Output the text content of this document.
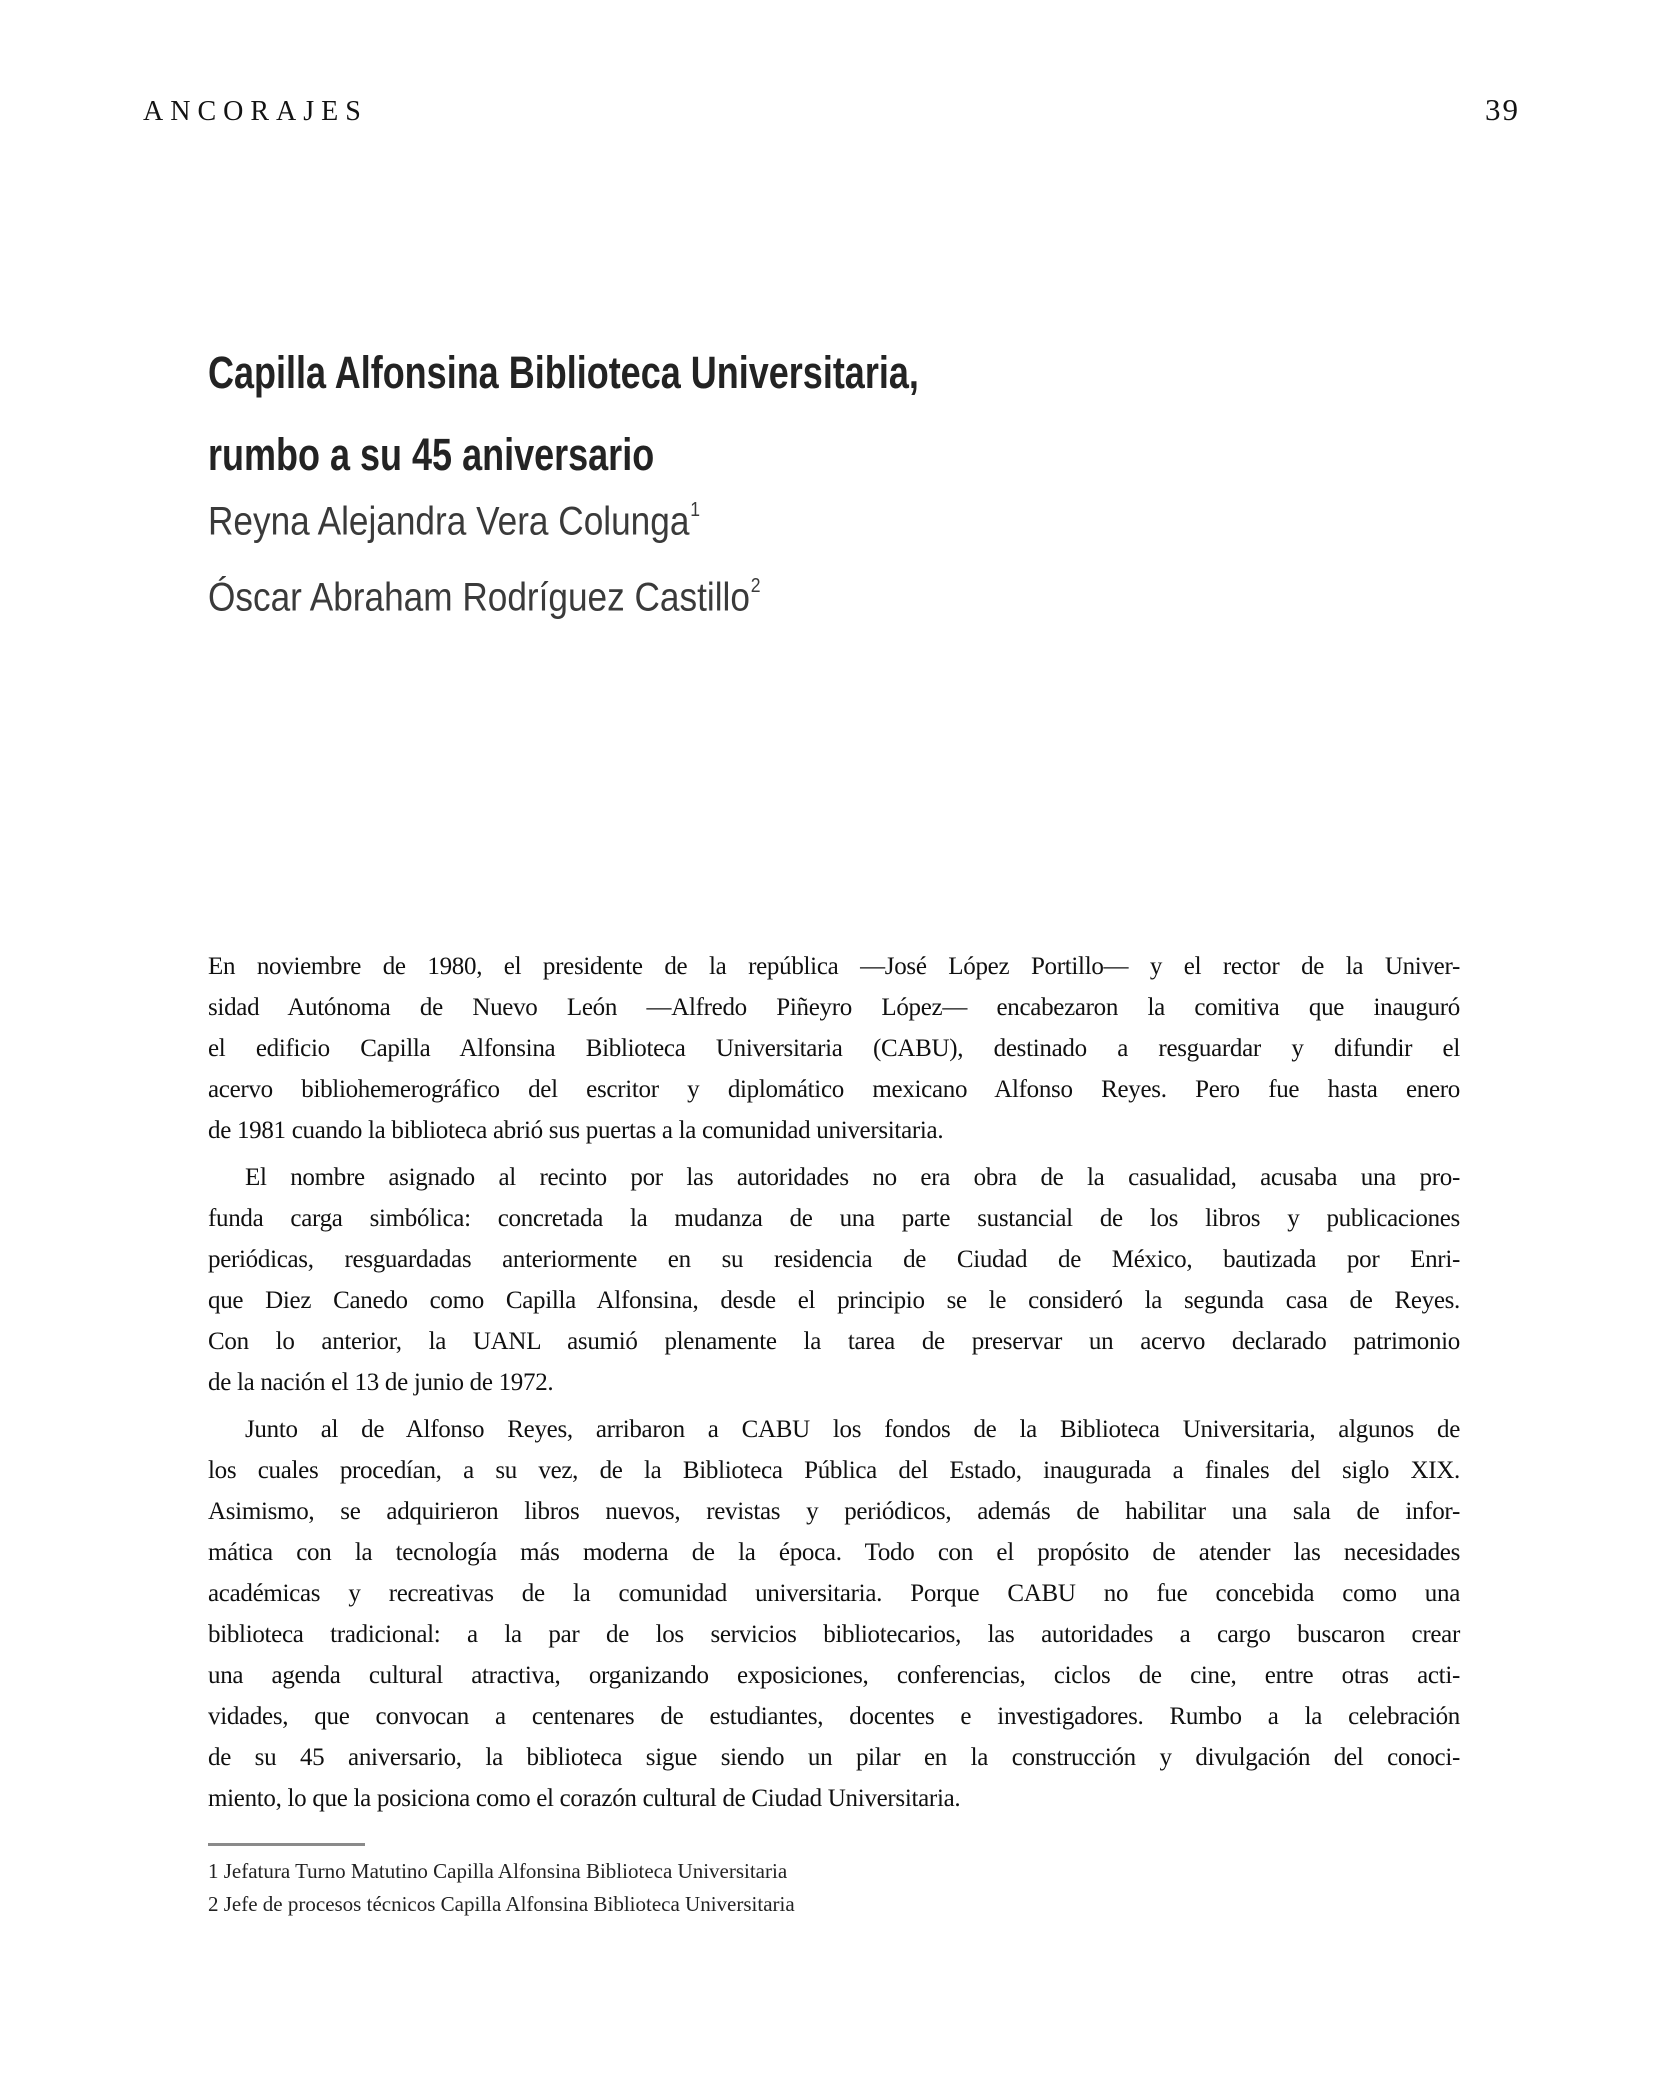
ANCORAJES	39
Capilla Alfonsina Biblioteca Universitaria,
rumbo a su 45 aniversario
Reyna Alejandra Vera Colunga$^1$
Óscar Abraham Rodríguez Castillo$^2$
En noviembre de 1980, el presidente de la república —José López Portillo— y el rector de la Univer-
sidad Autónoma de Nuevo León —Alfredo Piñeyro López— encabezaron la comitiva que inauguró
el edificio Capilla Alfonsina Biblioteca Universitaria (CABU), destinado a resguardar y difundir el
acervo bibliohemerográfico del escritor y diplomático mexicano Alfonso Reyes. Pero fue hasta enero
de 1981 cuando la biblioteca abrió sus puertas a la comunidad universitaria.
El nombre asignado al recinto por las autoridades no era obra de la casualidad, acusaba una pro-
funda carga simbólica: concretada la mudanza de una parte sustancial de los libros y publicaciones
periódicas, resguardadas anteriormente en su residencia de Ciudad de México, bautizada por Enri-
que Diez Canedo como Capilla Alfonsina, desde el principio se le consideró la segunda casa de Reyes.
Con lo anterior, la UANL asumió plenamente la tarea de preservar un acervo declarado patrimonio
de la nación el 13 de junio de 1972.
Junto al de Alfonso Reyes, arribaron a CABU los fondos de la Biblioteca Universitaria, algunos de
los cuales procedían, a su vez, de la Biblioteca Pública del Estado, inaugurada a finales del siglo XIX.
Asimismo, se adquirieron libros nuevos, revistas y periódicos, además de habilitar una sala de infor-
mática con la tecnología más moderna de la época. Todo con el propósito de atender las necesidades
académicas y recreativas de la comunidad universitaria. Porque CABU no fue concebida como una
biblioteca tradicional: a la par de los servicios bibliotecarios, las autoridades a cargo buscaron crear
una agenda cultural atractiva, organizando exposiciones, conferencias, ciclos de cine, entre otras acti-
vidades, que convocan a centenares de estudiantes, docentes e investigadores. Rumbo a la celebración
de su 45 aniversario, la biblioteca sigue siendo un pilar en la construcción y divulgación del conoci-
miento, lo que la posiciona como el corazón cultural de Ciudad Universitaria.
1 Jefatura Turno Matutino Capilla Alfonsina Biblioteca Universitaria
2 Jefe de procesos técnicos Capilla Alfonsina Biblioteca Universitaria
